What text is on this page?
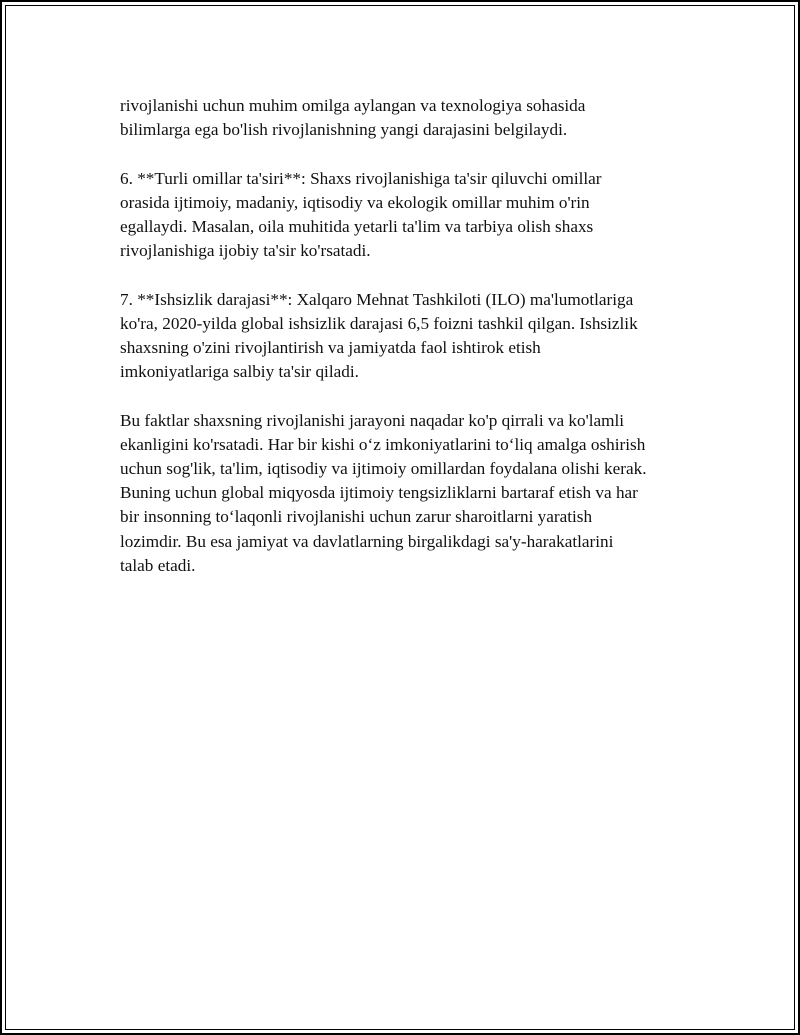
rivojlanishi uchun muhim omilga aylangan va texnologiya sohasida
bilimlarga ega bo'lish rivojlanishning yangi darajasini belgilaydi.

6. **Turli omillar ta'siri**: Shaxs rivojlanishiga ta'sir qiluvchi omillar
orasida ijtimoiy, madaniy, iqtisodiy va ekologik omillar muhim o'rin
egallaydi. Masalan, oila muhitida yetarli ta'lim va tarbiya olish shaxs
rivojlanishiga ijobiy ta'sir ko'rsatadi.

7. **Ishsizlik darajasi**: Xalqaro Mehnat Tashkiloti (ILO) ma'lumotlariga
ko'ra, 2020-yilda global ishsizlik darajasi 6,5 foizni tashkil qilgan. Ishsizlik
shaxsning o'zini rivojlantirish va jamiyatda faol ishtirok etish
imkoniyatlariga salbiy ta'sir qiladi.

Bu faktlar shaxsning rivojlanishi jarayoni naqadar ko'p qirrali va ko'lamli
ekanligini ko'rsatadi. Har bir kishi o‘z imkoniyatlarini to‘liq amalga oshirish
uchun sog'lik, ta'lim, iqtisodiy va ijtimoiy omillardan foydalana olishi kerak.
Buning uchun global miqyosda ijtimoiy tengsizliklarni bartaraf etish va har
bir insonning to‘laqonli rivojlanishi uchun zarur sharoitlarni yaratish
lozimdir. Bu esa jamiyat va davlatlarning birgalikdagi sa'y-harakatlarini
talab etadi.
